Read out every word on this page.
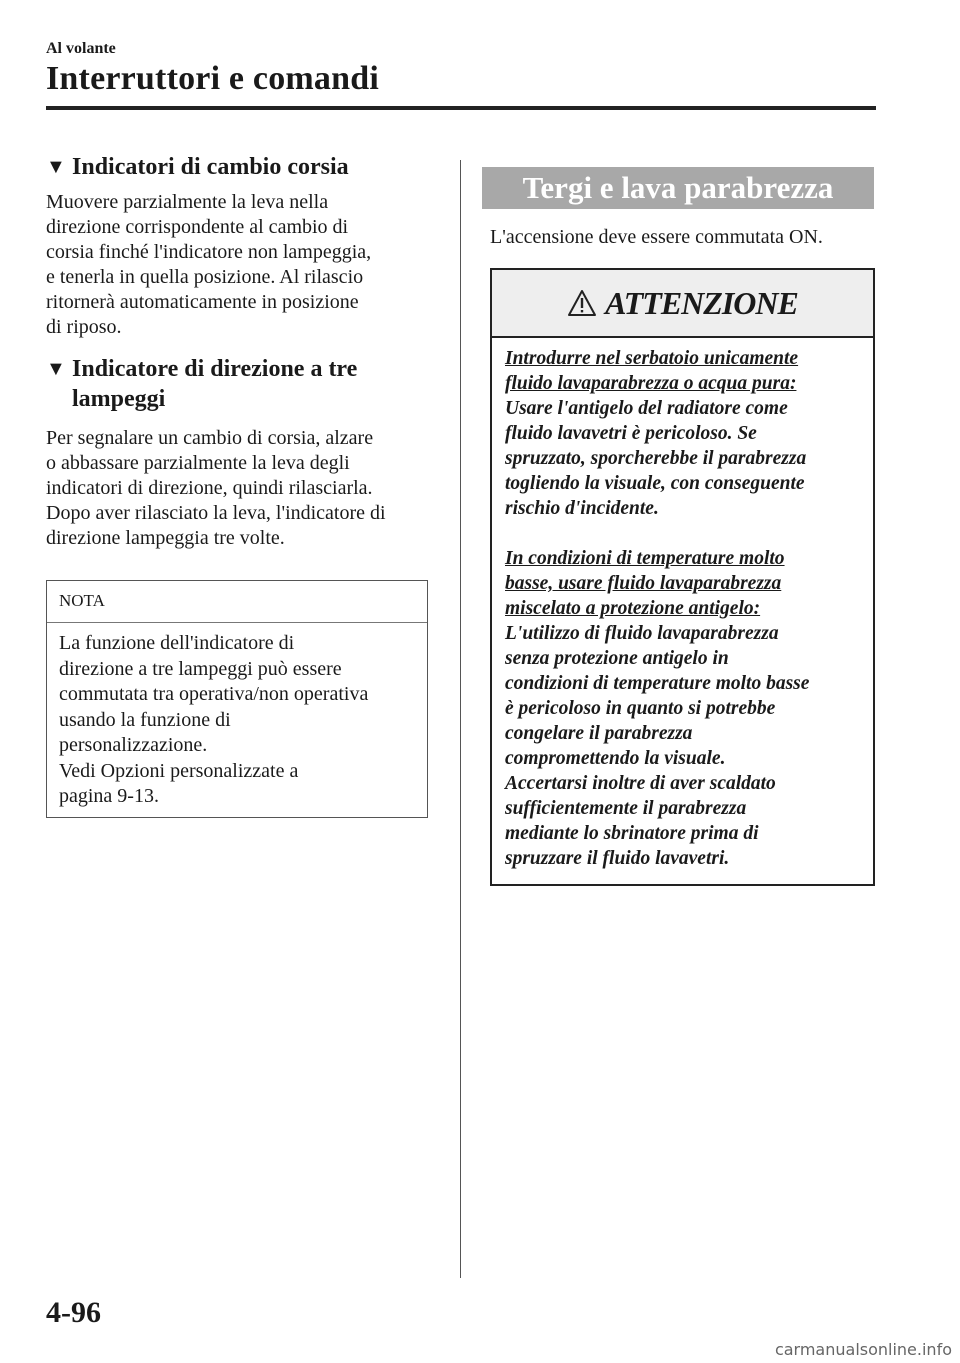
Al volante
Interruttori e comandi
▼ Indicatori di cambio corsia

Muovere parzialmente la leva nella
direzione corrispondente al cambio di
corsia finché l'indicatore non lampeggia,
e tenerla in quella posizione. Al rilascio
ritornerà automaticamente in posizione
di riposo.

▼ Indicatore di direzione a tre
lampeggi

Per segnalare un cambio di corsia, alzare
o abbassare parzialmente la leva degli
indicatori di direzione, quindi rilasciarla.
Dopo aver rilasciato la leva, l'indicatore di
direzione lampeggia tre volte.

NOTA
La funzione dell'indicatore di
direzione a tre lampeggi può essere
commutata tra operativa/non operativa
usando la funzione di
personalizzazione.
Vedi Opzioni personalizzate a
pagina 9-13.
Tergi e lava parabrezza
L'accensione deve essere commutata ON.
ATTENZIONE
Introdurre nel serbatoio unicamente
fluido lavaparabrezza o acqua pura:
Usare l'antigelo del radiatore come
fluido lavavetri è pericoloso. Se
spruzzato, sporcherebbe il parabrezza
togliendo la visuale, con conseguente
rischio d'incidente.
In condizioni di temperature molto
basse, usare fluido lavaparabrezza
miscelato a protezione antigelo:
L'utilizzo di fluido lavaparabrezza
senza protezione antigelo in
condizioni di temperature molto basse
è pericoloso in quanto si potrebbe
congelare il parabrezza
compromettendo la visuale.
Accertarsi inoltre di aver scaldato
sufficientemente il parabrezza
mediante lo sbrinatore prima di
spruzzare il fluido lavavetri.
4-96
carmanualsonline.info
